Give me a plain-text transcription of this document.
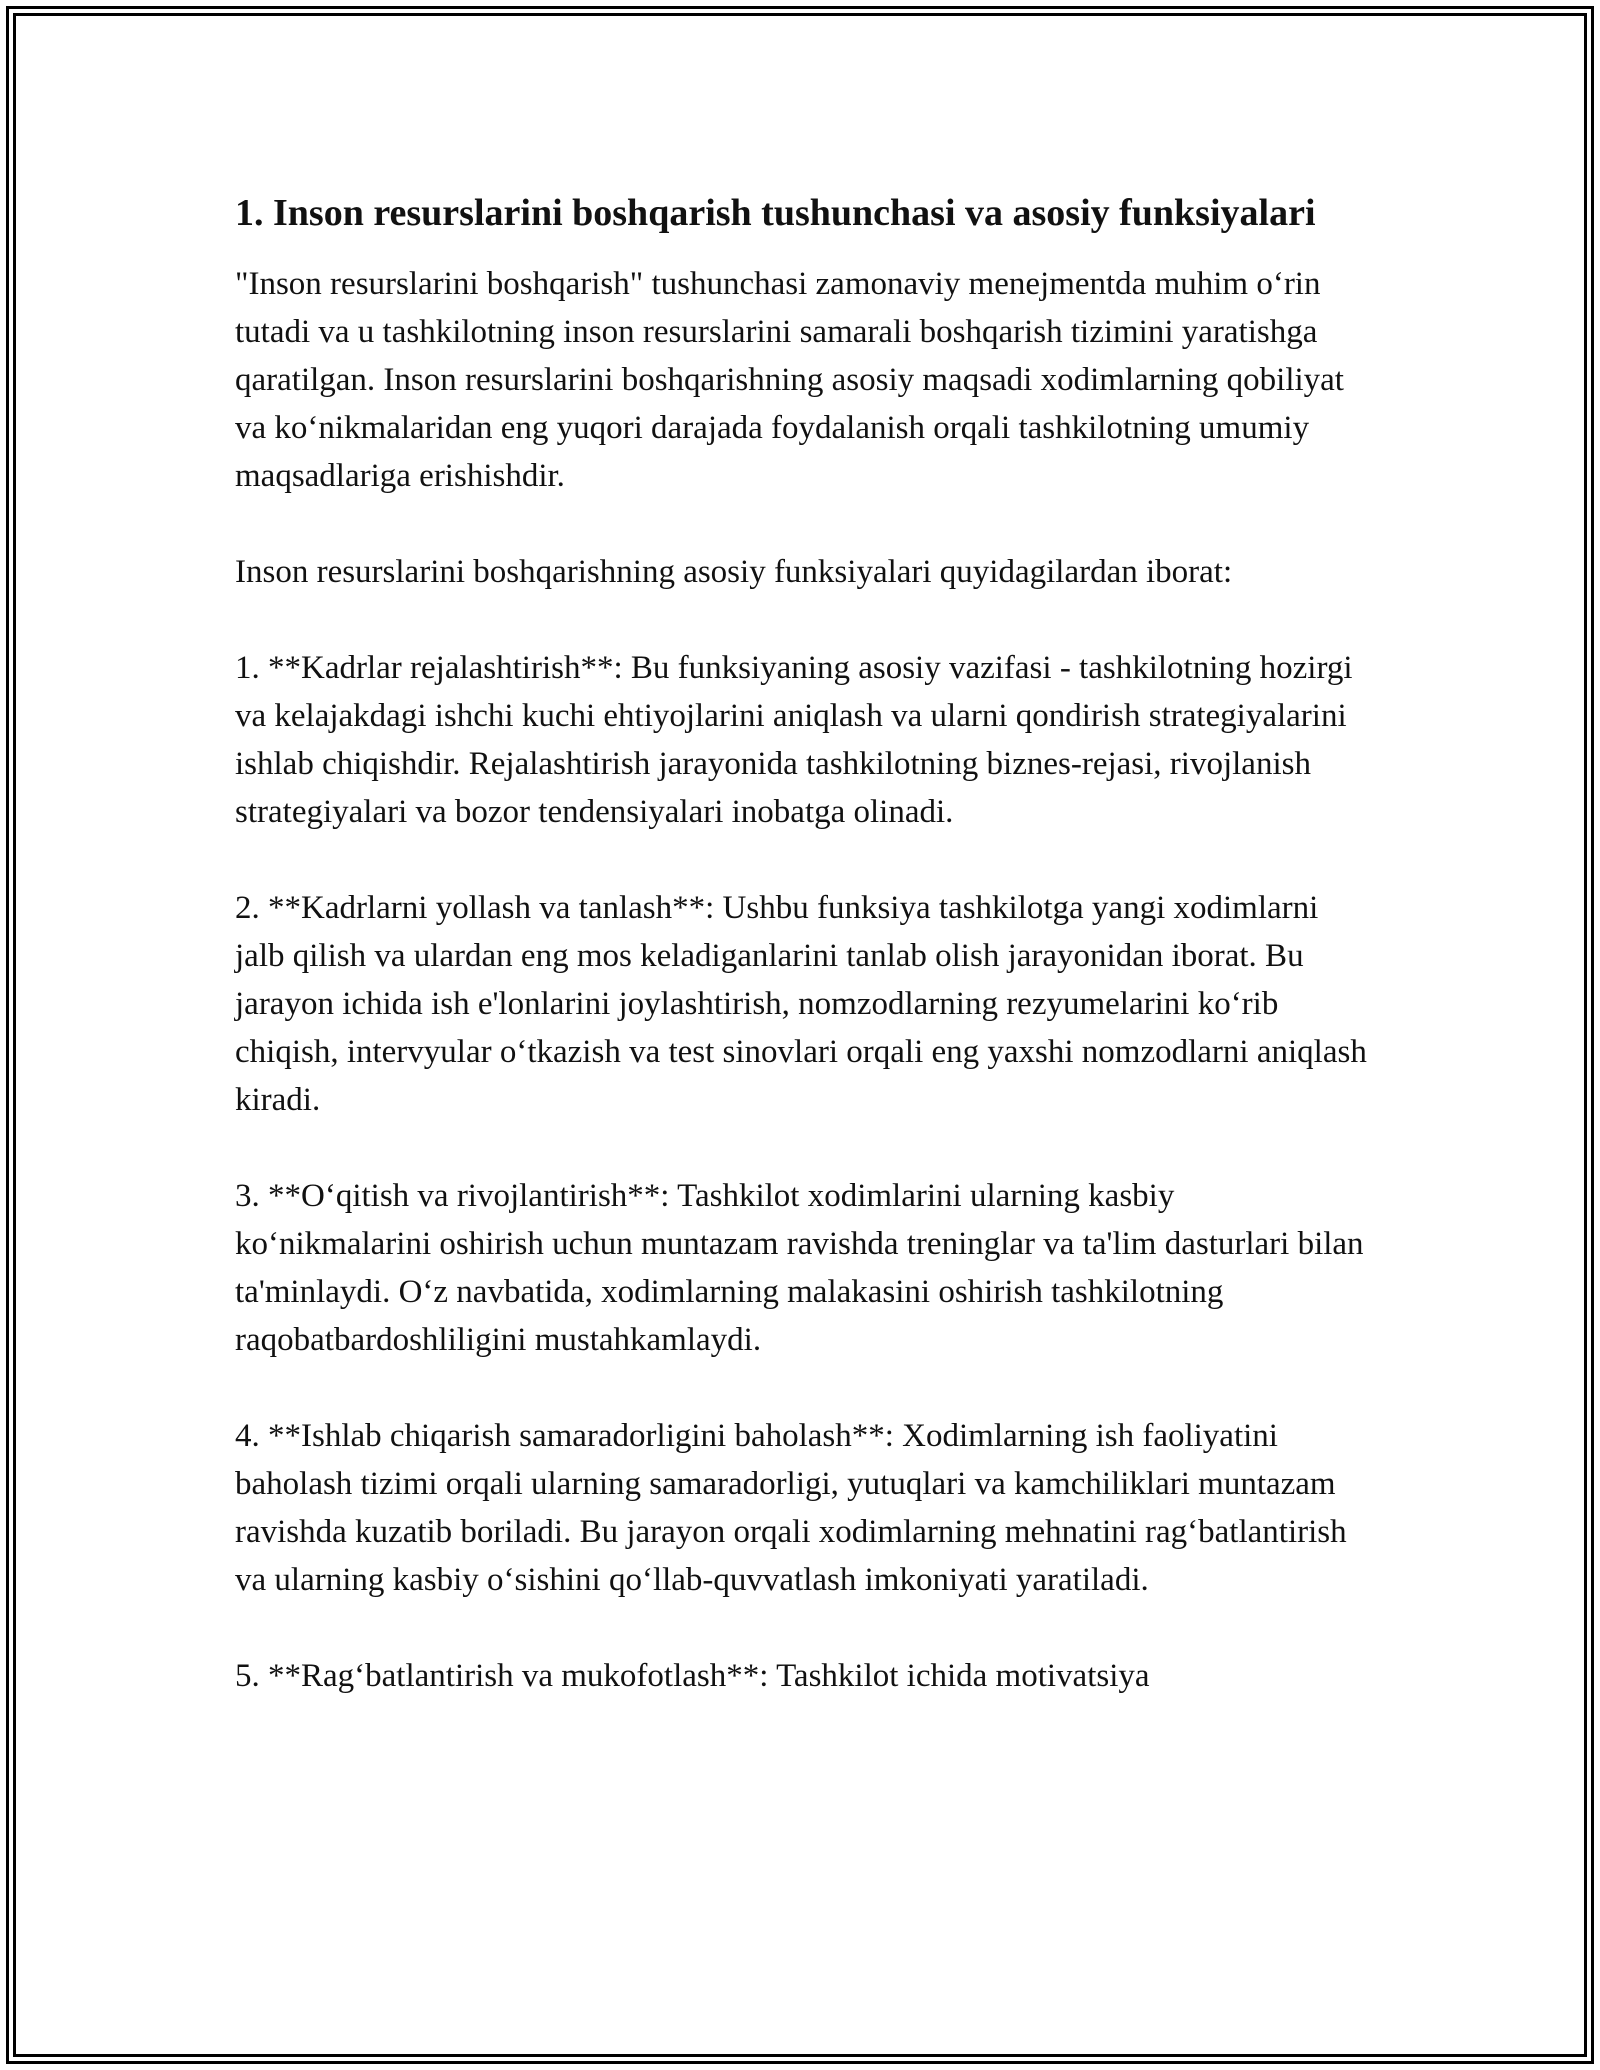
1. Inson resurslarini boshqarish tushunchasi va asosiy funksiyalari

"Inson resurslarini boshqarish" tushunchasi zamonaviy menejmentda muhim o‘rin tutadi va u tashkilotning inson resurslarini samarali boshqarish tizimini yaratishga qaratilgan. Inson resurslarini boshqarishning asosiy maqsadi xodimlarning qobiliyat va ko‘nikmalaridan eng yuqori darajada foydalanish orqali tashkilotning umumiy maqsadlariga erishishdir.

Inson resurslarini boshqarishning asosiy funksiyalari quyidagilardan iborat:

1. **Kadrlar rejalashtirish**: Bu funksiyaning asosiy vazifasi - tashkilotning hozirgi va kelajakdagi ishchi kuchi ehtiyojlarini aniqlash va ularni qondirish strategiyalarini ishlab chiqishdir. Rejalashtirish jarayonida tashkilotning biznes-rejasi, rivojlanish strategiyalari va bozor tendensiyalari inobatga olinadi.

2. **Kadrlarni yollash va tanlash**: Ushbu funksiya tashkilotga yangi xodimlarni jalb qilish va ulardan eng mos keladiganlarini tanlab olish jarayonidan iborat. Bu jarayon ichida ish e'lonlarini joylashtirish, nomzodlarning rezyumelarini ko‘rib chiqish, intervyular o‘tkazish va test sinovlari orqali eng yaxshi nomzodlarni aniqlash kiradi.

3. **O‘qitish va rivojlantirish**: Tashkilot xodimlarini ularning kasbiy ko‘nikmalarini oshirish uchun muntazam ravishda treninglar va ta'lim dasturlari bilan ta'minlaydi. O‘z navbatida, xodimlarning malakasini oshirish tashkilotning raqobatbardoshliligini mustahkamlaydi.

4. **Ishlab chiqarish samaradorligini baholash**: Xodimlarning ish faoliyatini baholash tizimi orqali ularning samaradorligi, yutuqlari va kamchiliklari muntazam ravishda kuzatib boriladi. Bu jarayon orqali xodimlarning mehnatini rag‘batlantirish va ularning kasbiy o‘sishini qo‘llab-quvvatlash imkoniyati yaratiladi.

5. **Rag‘batlantirish va mukofotlash**: Tashkilot ichida motivatsiya
